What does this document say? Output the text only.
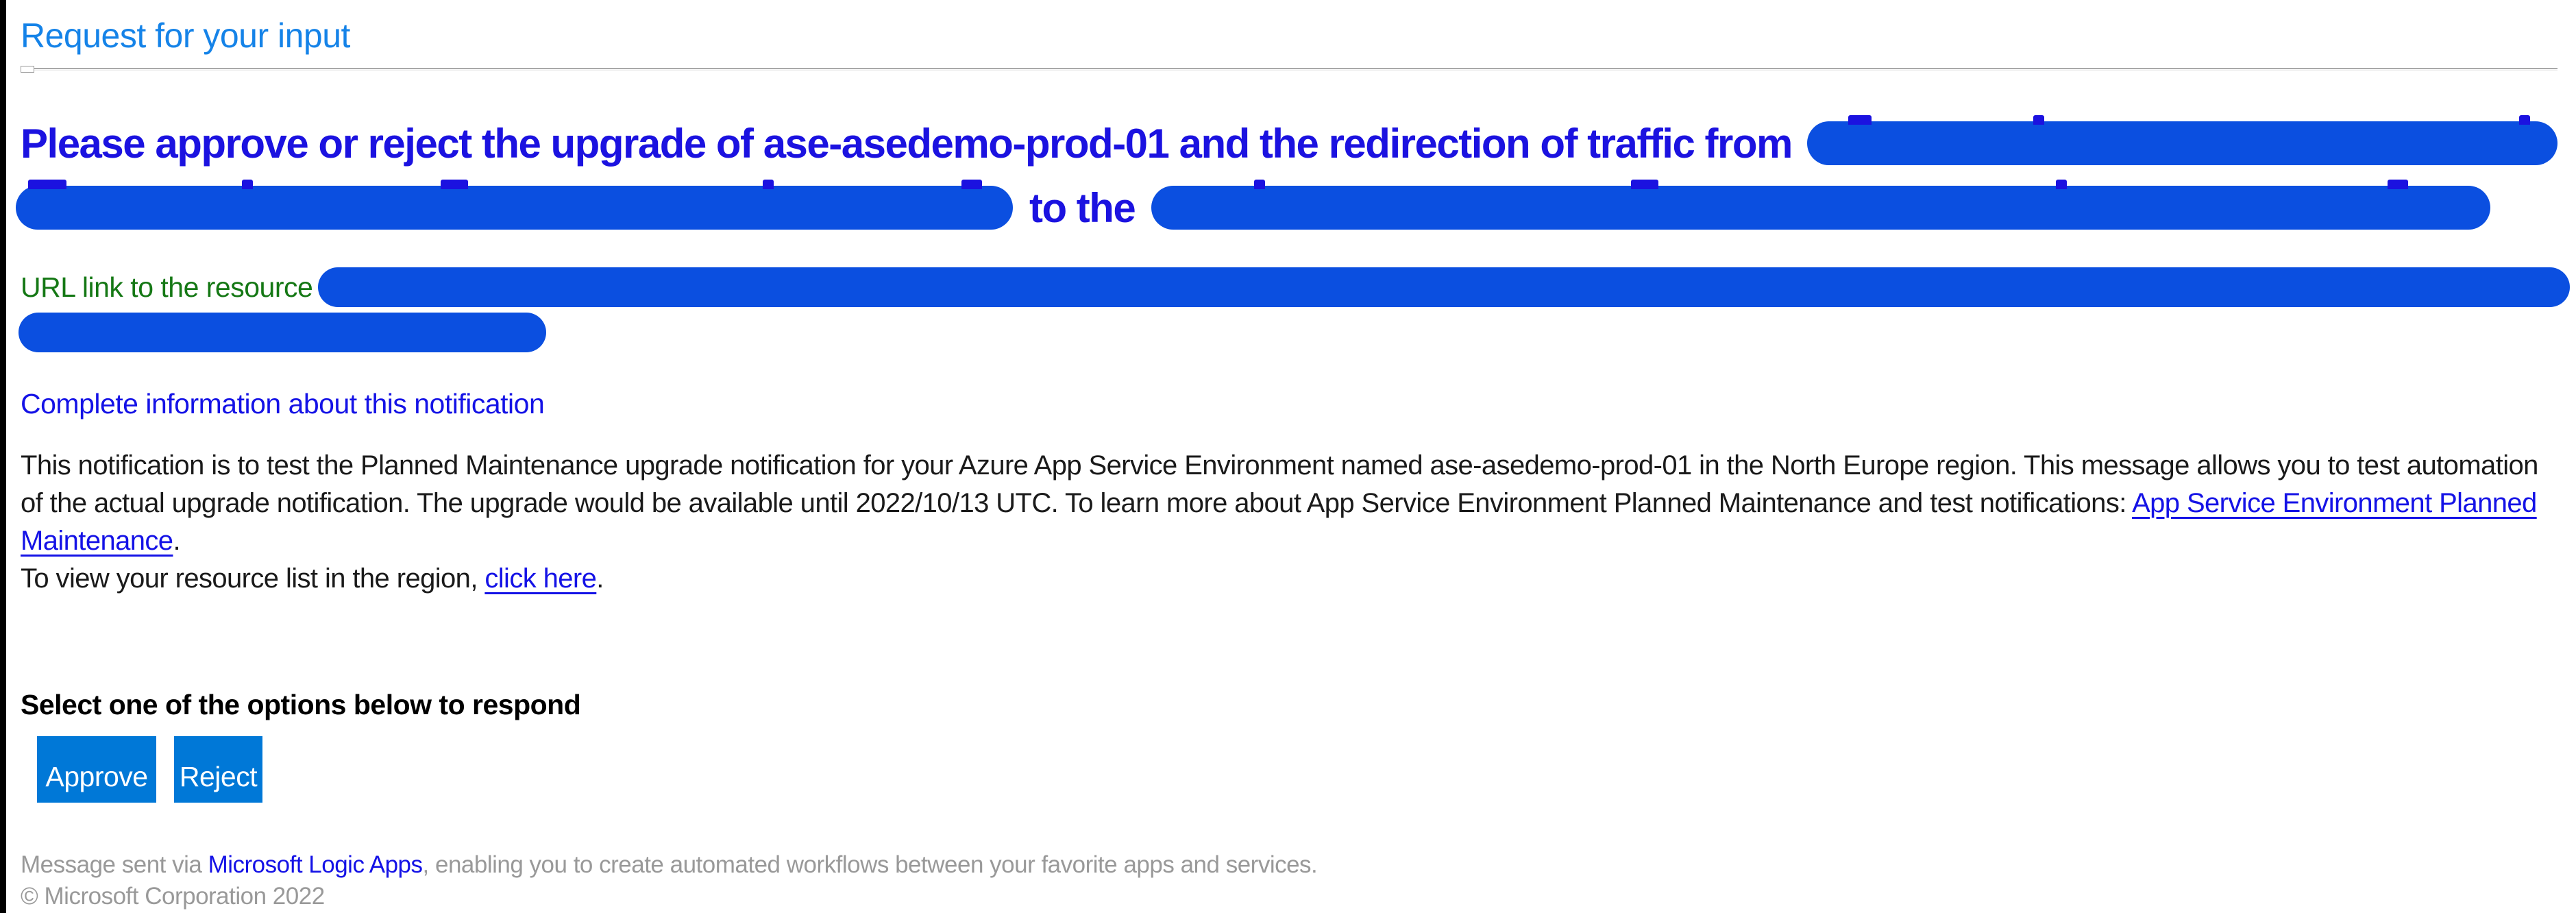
Request for your input
Please approve or reject the upgrade of ase-asedemo-prod-01 and the redirection of traffic from
to the
URL link to the resource
Complete information about this notification

This notification is to test the Planned Maintenance upgrade notification for your Azure App Service Environment named ase-asedemo-prod-01 in the North Europe region. This message allows you to test automation of the actual upgrade notification. The upgrade would be available until 2022/10/13 UTC. To learn more about App Service Environment Planned Maintenance and test notifications: App Service Environment Planned Maintenance.
To view your resource list in the region, click here.

Select one of the options below to respond

Approve	Reject
Message sent via Microsoft Logic Apps, enabling you to create automated workflows between your favorite apps and services.
© Microsoft Corporation 2022
